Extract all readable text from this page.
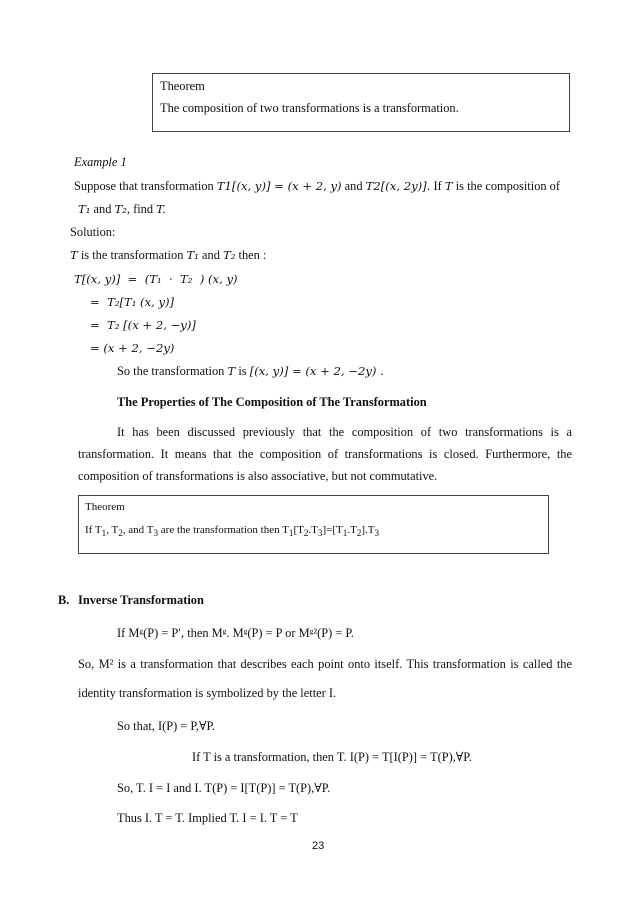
Theorem
The composition of two transformations is a transformation.
Example 1
Suppose that transformation T1[(x, y)] = (x + 2, y) and T2[(x, 2y)]. If T is the composition of
T₁ and T₂, find T.
Solution:
T is the transformation T₁ and T₂ then :
T[(x, y)]  =  (T₁  ·  T₂  ) (x, y)
=  T₂[T₁ (x, y)]
=  T₂ [(x + 2, −y)]
= (x + 2, −2y)
So the transformation T is [(x, y)] = (x + 2, −2y) .
The Properties of The Composition of The Transformation
It has been discussed previously that the composition of two transformations is a
transformation. It means that the composition of transformations is closed. Furthermore, the
composition of transformations is also associative, but not commutative.
Theorem
If $T_1$, $T_2$, and $T_3$ are the transformation then $T_1[T_2.T_3]=[T_1.T_2].T_3$
B. Inverse Transformation
If Mᵍ(P) = P′, then Mᵍ. Mᵍ(P) = P or Mᵍ²(P) = P.
So, M² is a transformation that describes each point onto itself. This transformation is called the
identity transformation is symbolized by the letter I.
So that, I(P) = P,∀P.
If T is a transformation, then T. I(P) = T[I(P)] = T(P),∀P.
So, T. I = I and I. T(P) = I[T(P)] = T(P),∀P.
Thus I. T = T. Implied T. I = I. T = T
23
